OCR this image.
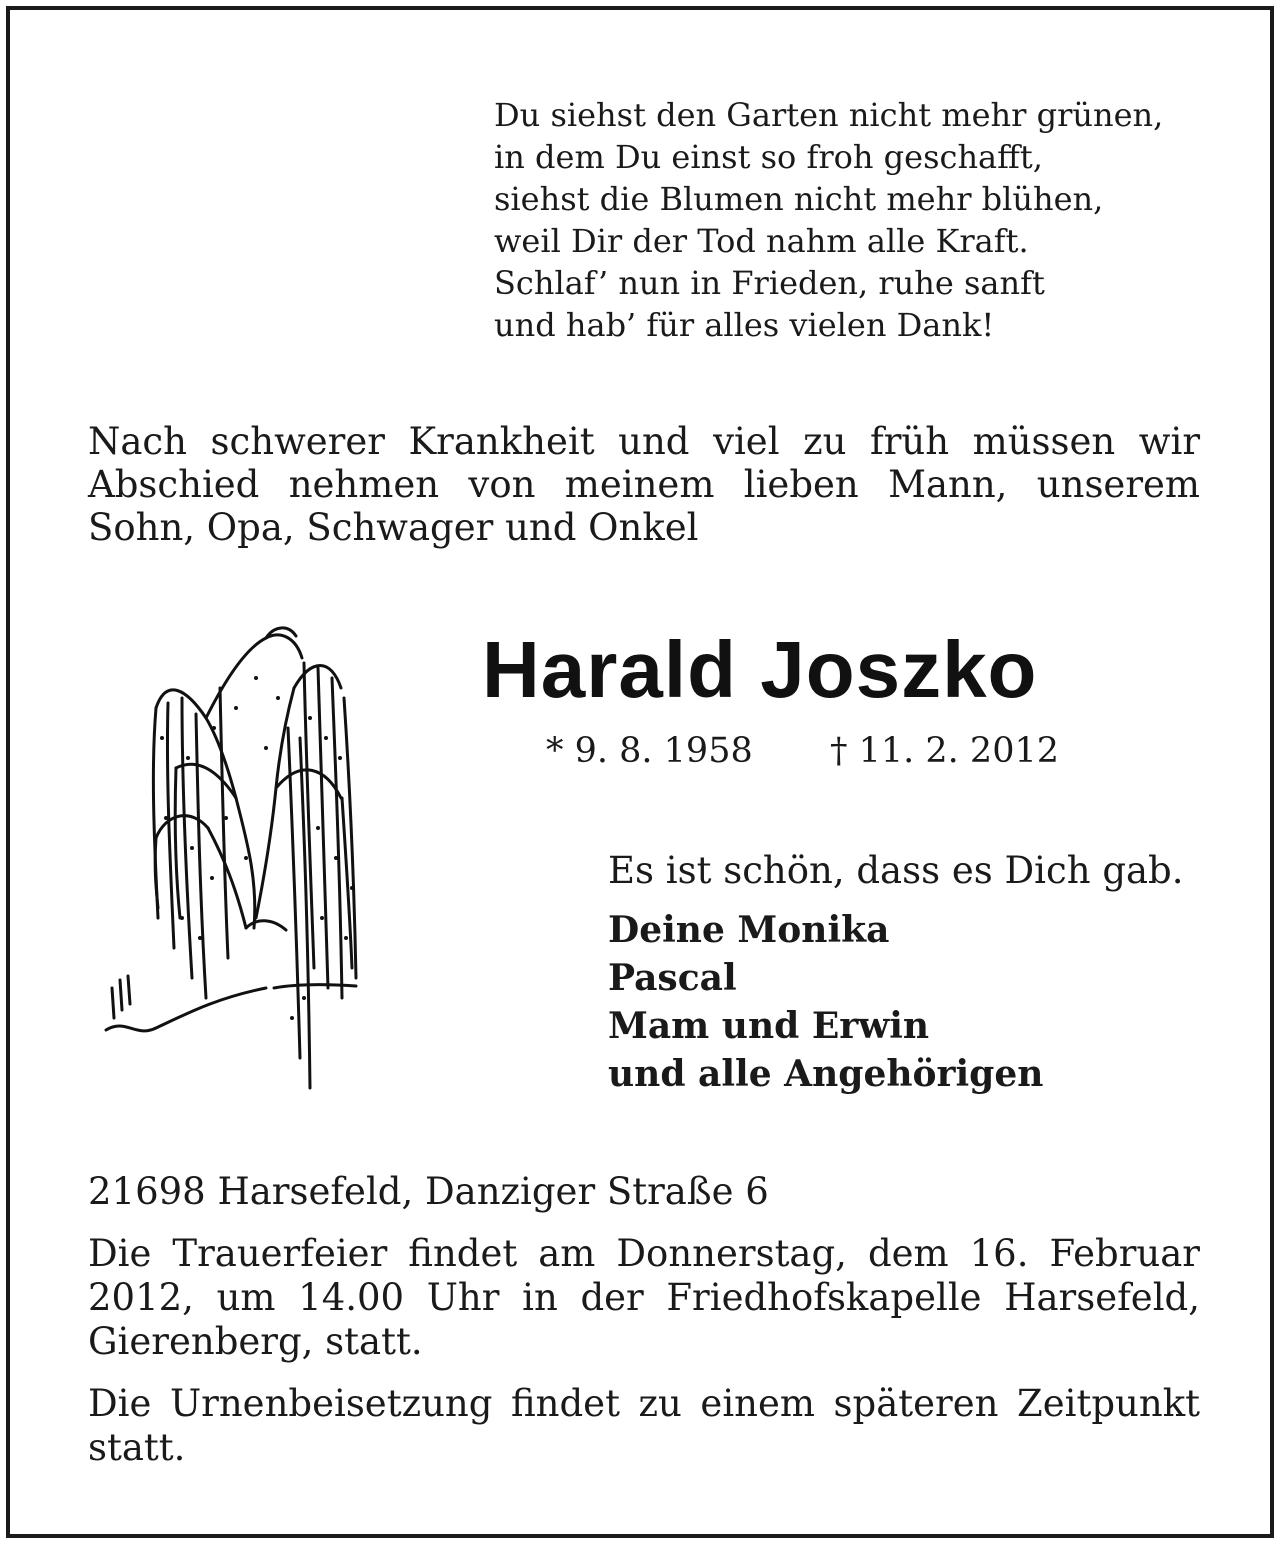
Du siehst den Garten nicht mehr grünen,
in dem Du einst so froh geschafft,
siehst die Blumen nicht mehr blühen,
weil Dir der Tod nahm alle Kraft.
Schlaf’ nun in Frieden, ruhe sanft
und hab’ für alles vielen Dank!
Nach schwerer Krankheit und viel zu früh müssen wir
Abschied nehmen von meinem lieben Mann, unserem
Sohn, Opa, Schwager und Onkel
Harald Joszko
* 9. 8. 1958 † 11. 2. 2012
Es ist schön, dass es Dich gab.
Deine Monika
Pascal
Mam und Erwin
und alle Angehörigen
21698 Harsefeld, Danziger Straße 6
Die Trauerfeier findet am Donnerstag, dem 16. Februar
2012, um 14.00 Uhr in der Friedhofskapelle Harsefeld,
Gierenberg, statt.
Die Urnenbeisetzung findet zu einem späteren Zeitpunkt
statt.
